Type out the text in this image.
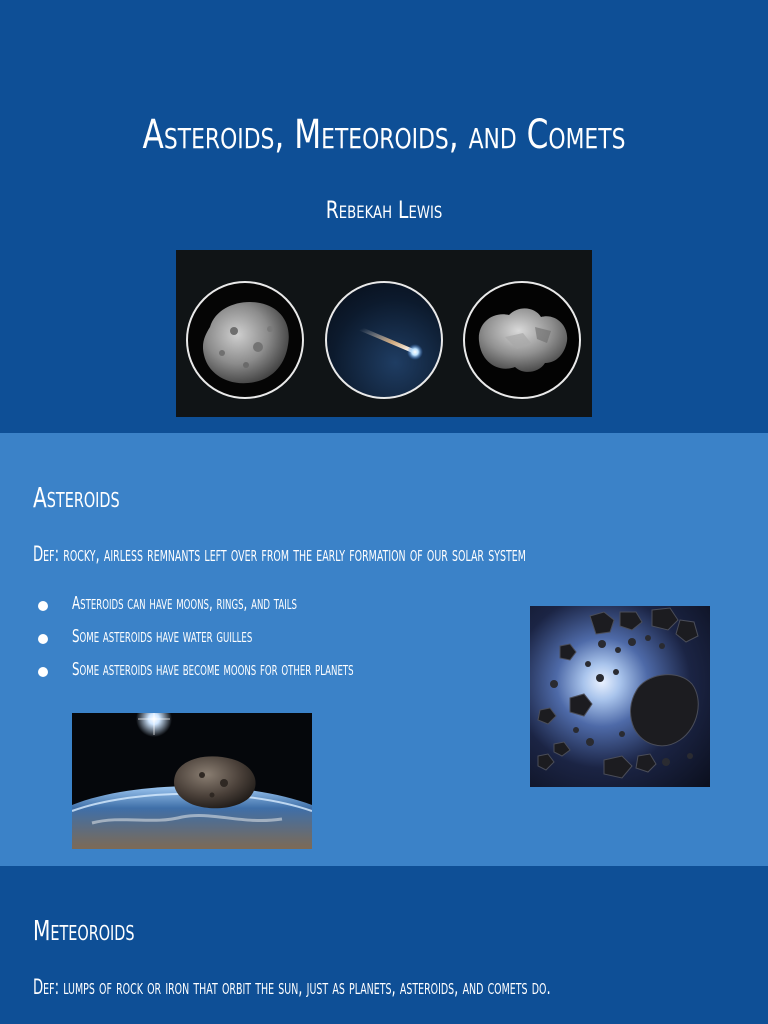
Asteroids, Meteoroids, and Comets
Rebekah Lewis
Asteroids
Def: rocky, airless remnants left over from the early formation of our solar system
Asteroids can have moons, rings, and tails
Some asteroids have water guilles
Some asteroids have become moons for other planets
Meteoroids
Def: lumps of rock or iron that orbit the sun, just as planets, asteroids, and comets do.
